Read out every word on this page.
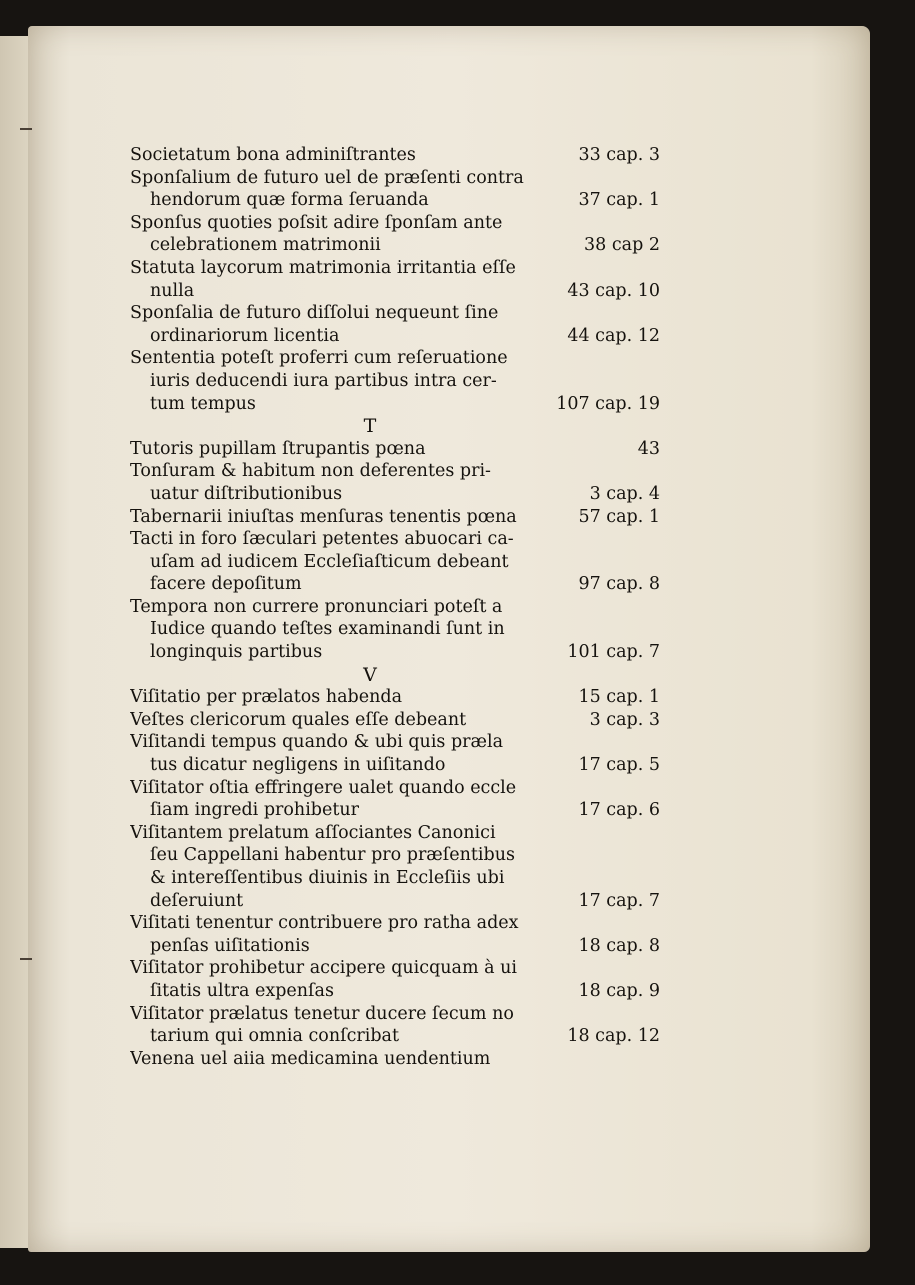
Societatum bona adminiſtrantes	33 cap. 3
Sponſalium de futuro uel de præſenti contra
hendorum quæ forma ſeruanda	37 cap. 1
Sponſus quoties poſsit adire ſponſam ante
celebrationem matrimonii	38 cap 2
Statuta laycorum matrimonia irritantia eſſe
nulla	43 cap. 10
Sponſalia de futuro diſſolui nequeunt ſine
ordinariorum licentia	44 cap. 12
Sententia poteſt proferri cum reſeruatione
iuris deducendi iura partibus intra cer-
tum tempus	107 cap. 19
T
Tutoris pupillam ſtrupantis pœna	43
Tonſuram & habitum non deferentes pri-
uatur diſtributionibus	3 cap. 4
Tabernarii iniuſtas menſuras tenentis pœna	57 cap. 1
Tacti in foro ſæculari petentes abuocari ca-
uſam ad iudicem Eccleſiaſticum debeant
facere depoſitum	97 cap. 8
Tempora non currere pronunciari poteſt a
Iudice quando teſtes examinandi ſunt in
longinquis partibus	101 cap. 7
V
Viſitatio per prælatos habenda	15 cap. 1
Veſtes clericorum quales eſſe debeant	3 cap. 3
Viſitandi tempus quando & ubi quis præla
tus dicatur negligens in uiſitando	17 cap. 5
Viſitator oſtia effringere ualet quando eccle
ſiam ingredi prohibetur	17 cap. 6
Viſitantem prelatum aſſociantes Canonici
ſeu Cappellani habentur pro præſentibus
& intereſſentibus diuinis in Eccleſiis ubi
deſeruiunt	17 cap. 7
Viſitati tenentur contribuere pro ratha adex
penſas uiſitationis	18 cap. 8
Viſitator prohibetur accipere quicquam à ui
ſitatis ultra expenſas	18 cap. 9
Viſitator prælatus tenetur ducere ſecum no
tarium qui omnia conſcribat	18 cap. 12
Venena uel aiia medicamina uendentium
